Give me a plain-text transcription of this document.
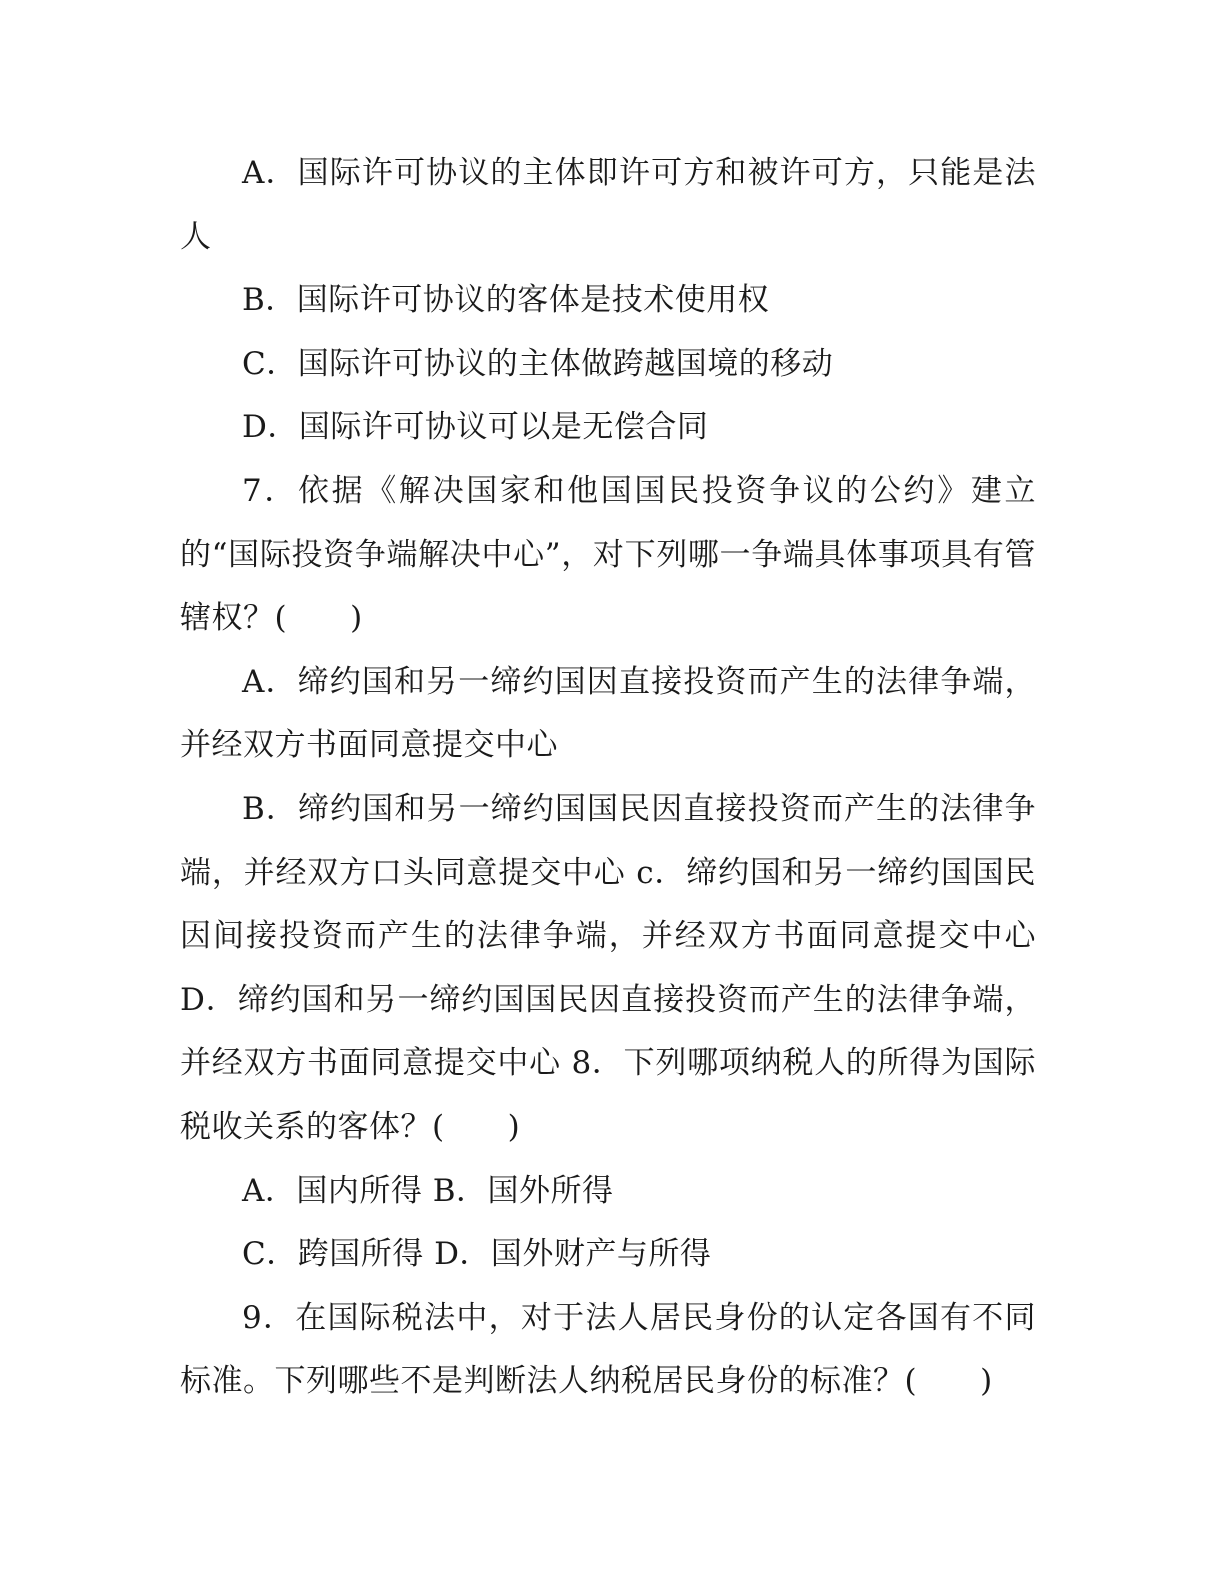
A．国际许可协议的主体即许可方和被许可方，只能是法人

B．国际许可协议的客体是技术使用权

C．国际许可协议的主体做跨越国境的移动

D．国际许可协议可以是无偿合同

7．依据《解决国家和他国国民投资争议的公约》建立的“国际投资争端解决中心”，对下列哪一争端具体事项具有管辖权？(　　)

A．缔约国和另一缔约国因直接投资而产生的法律争端，并经双方书面同意提交中心

B．缔约国和另一缔约国国民因直接投资而产生的法律争端，并经双方口头同意提交中心 c．缔约国和另一缔约国国民因间接投资而产生的法律争端，并经双方书面同意提交中心 D．缔约国和另一缔约国国民因直接投资而产生的法律争端，并经双方书面同意提交中心 8．下列哪项纳税人的所得为国际税收关系的客体？(　　)

A．国内所得 B．国外所得

C．跨国所得 D．国外财产与所得

9．在国际税法中，对于法人居民身份的认定各国有不同标准。下列哪些不是判断法人纳税居民身份的标准？(　　)
